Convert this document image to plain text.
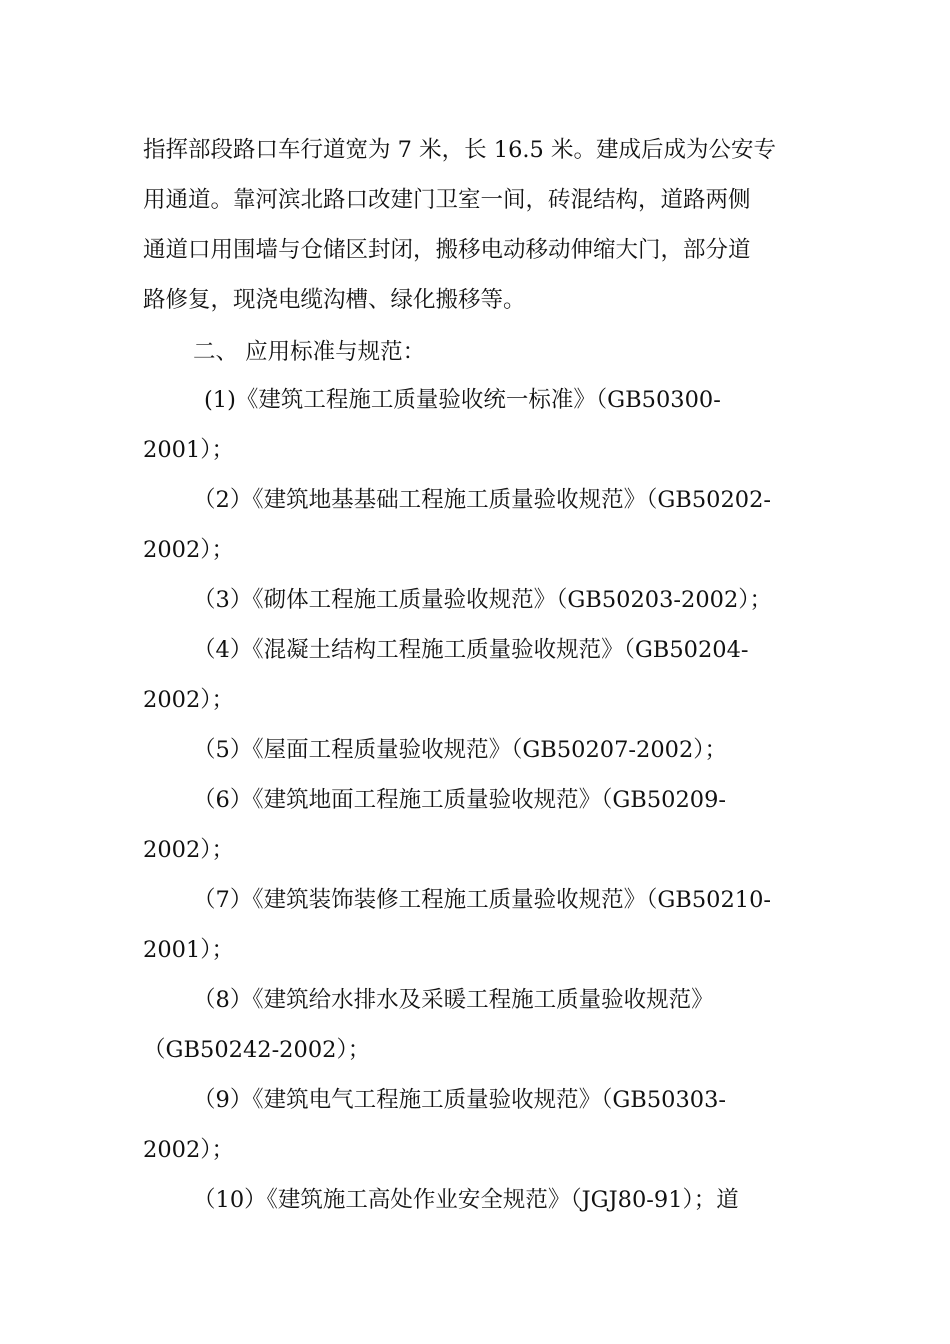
指挥部段路口车行道宽为 7 米，长 16.5 米。建成后成为公安专
用通道。靠河滨北路口改建门卫室一间，砖混结构，道路两侧
通道口用围墙与仓储区封闭，搬移电动移动伸缩大门，部分道
路修复，现浇电缆沟槽、绿化搬移等。
二、 应用标准与规范：
(1)《建筑工程施工质量验收统一标准》（GB50300-
2001）；
（2）《建筑地基基础工程施工质量验收规范》（GB50202-
2002）；
（3）《砌体工程施工质量验收规范》（GB50203-2002）；
（4）《混凝土结构工程施工质量验收规范》（GB50204-
2002）；
（5）《屋面工程质量验收规范》（GB50207-2002）；
（6）《建筑地面工程施工质量验收规范》（GB50209-
2002）；
（7）《建筑装饰装修工程施工质量验收规范》（GB50210-
2001）；
（8）《建筑给水排水及采暖工程施工质量验收规范》
（GB50242-2002）；
（9）《建筑电气工程施工质量验收规范》（GB50303-
2002）；
（10）《建筑施工高处作业安全规范》（JGJ80-91）；道
